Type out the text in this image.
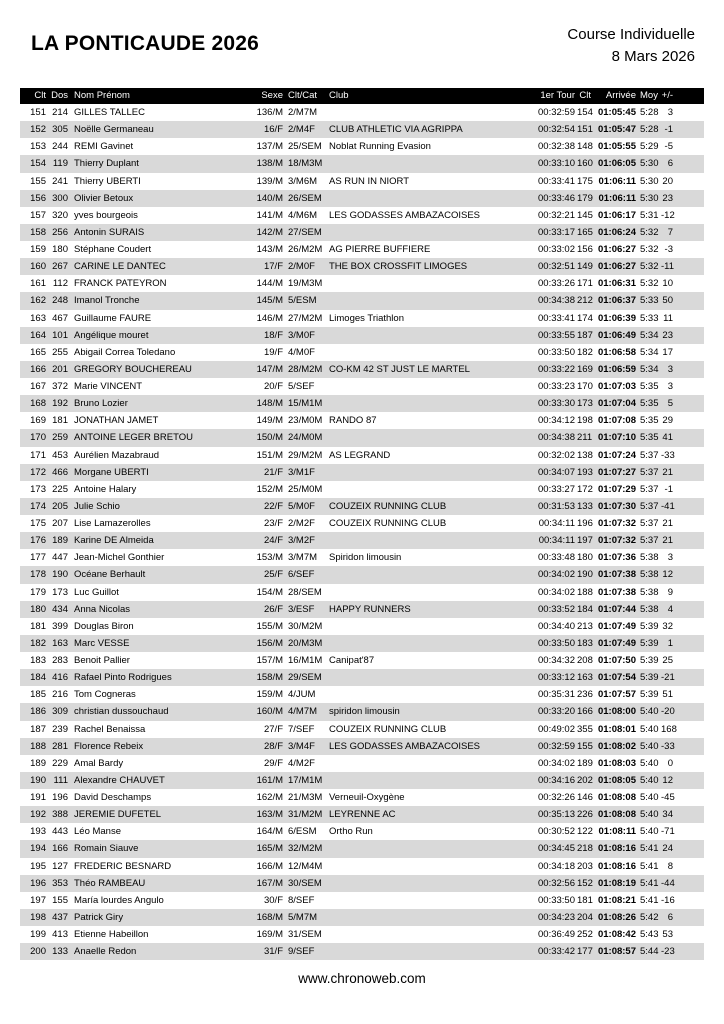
LA PONTICAUDE 2026	Course Individuelle
8 Mars 2026
Clt Dos Nom Prénom	Sexe Clt/Cat	Club	1er Tour Clt	Arrivée Moy +/-
151 214 GILLES TALLEC	136/M 2/M7M	00:32:59 154 01:05:45 5:28 3
152 305 Noëlle Germaneau	16/F 2/M4F	CLUB ATHLETIC VIA AGRIPPA	00:32:54 151 01:05:47 5:28 -1
153 244 REMI Gavinet	137/M 25/SEM Noblat Running Evasion	00:32:38 148 01:05:55 5:29 -5
154 119 Thierry Duplant	138/M 18/M3M	00:33:10 160 01:06:05 5:30 6
155 241 Thierry UBERTI	139/M 3/M6M	AS RUN IN NIORT	00:33:41 175 01:06:11 5:30 20
156 300 Olivier Betoux	140/M 26/SEM	00:33:46 179 01:06:11 5:30 23
157 320 yves bourgeois	141/M 4/M6M	LES GODASSES AMBAZACOISES	00:32:21 145 01:06:17 5:31 -12
158 256 Antonin SURAIS	142/M 27/SEM	00:33:17 165 01:06:24 5:32 7
159 180 Stéphane Coudert	143/M 26/M2M AG PIERRE BUFFIERE	00:33:02 156 01:06:27 5:32 -3
160 267 CARINE LE DANTEC	17/F 2/M0F	THE BOX CROSSFIT LIMOGES	00:32:51 149 01:06:27 5:32 -11
161 112 FRANCK PATEYRON	144/M 19/M3M	00:33:26 171 01:06:31 5:32 10
162 248 Imanol Tronche	145/M 5/ESM	00:34:38 212 01:06:37 5:33 50
163 467 Guillaume FAURE	146/M 27/M2M Limoges Triathlon	00:33:41 174 01:06:39 5:33 11
164 101 Angélique mouret	18/F 3/M0F	00:33:55 187 01:06:49 5:34 23
165 255 Abigail Correa Toledano	19/F 4/M0F	00:33:50 182 01:06:58 5:34 17
166 201 GREGORY BOUCHEREAU	147/M 28/M2M CO-KM 42 ST JUST LE MARTEL	00:33:22 169 01:06:59 5:34 3
167 372 Marie VINCENT	20/F 5/SEF	00:33:23 170 01:07:03 5:35 3
168 192 Bruno Lozier	148/M 15/M1M	00:33:30 173 01:07:04 5:35 5
169 181 JONATHAN JAMET	149/M 23/M0M RANDO 87	00:34:12 198 01:07:08 5:35 29
170 259 ANTOINE LEGER BRETOU	150/M 24/M0M	00:34:38 211 01:07:10 5:35 41
171 453 Aurélien Mazabraud	151/M 29/M2M AS LEGRAND	00:32:02 138 01:07:24 5:37 -33
172 466 Morgane UBERTI	21/F 3/M1F	00:34:07 193 01:07:27 5:37 21
173 225 Antoine Halary	152/M 25/M0M	00:33:27 172 01:07:29 5:37 -1
174 205 Julie Schio	22/F 5/M0F	COUZEIX RUNNING CLUB	00:31:53 133 01:07:30 5:37 -41
175 207 Lise Lamazerolles	23/F 2/M2F	COUZEIX RUNNING CLUB	00:34:11 196 01:07:32 5:37 21
176 189 Karine DE Almeida	24/F 3/M2F	00:34:11 197 01:07:32 5:37 21
177 447 Jean-Michel Gonthier	153/M 3/M7M	Spiridon limousin	00:33:48 180 01:07:36 5:38 3
178 190 Océane Berhault	25/F 6/SEF	00:34:02 190 01:07:38 5:38 12
179 173 Luc Guillot	154/M 28/SEM	00:34:02 188 01:07:38 5:38 9
180 434 Anna Nicolas	26/F 3/ESF	HAPPY RUNNERS	00:33:52 184 01:07:44 5:38 4
181 399 Douglas Biron	155/M 30/M2M	00:34:40 213 01:07:49 5:39 32
182 163 Marc VESSE	156/M 20/M3M	00:33:50 183 01:07:49 5:39 1
183 283 Benoit Pallier	157/M 16/M1M Canipat'87	00:34:32 208 01:07:50 5:39 25
184 416 Rafael Pinto Rodrigues	158/M 29/SEM	00:33:12 163 01:07:54 5:39 -21
185 216 Tom Cogneras	159/M 4/JUM	00:35:31 236 01:07:57 5:39 51
186 309 christian dussouchaud	160/M 4/M7M	spiridon limousin	00:33:20 166 01:08:00 5:40 -20
187 239 Rachel Benaissa	27/F 7/SEF	COUZEIX RUNNING CLUB	00:49:02 355 01:08:01 5:40 168
188 281 Florence Rebeix	28/F 3/M4F	LES GODASSES AMBAZACOISES	00:32:59 155 01:08:02 5:40 -33
189 229 Amal Bardy	29/F 4/M2F	00:34:02 189 01:08:03 5:40 0
190 111 Alexandre CHAUVET	161/M 17/M1M	00:34:16 202 01:08:05 5:40 12
191 196 David Deschamps	162/M 21/M3M Verneuil-Oxygène	00:32:26 146 01:08:08 5:40 -45
192 388 JEREMIE DUFETEL	163/M 31/M2M LEYRENNE AC	00:35:13 226 01:08:08 5:40 34
193 443 Léo Manse	164/M 6/ESM	Ortho Run	00:30:52 122 01:08:11 5:40 -71
194 166 Romain Siauve	165/M 32/M2M	00:34:45 218 01:08:16 5:41 24
195 127 FREDERIC BESNARD	166/M 12/M4M	00:34:18 203 01:08:16 5:41 8
196 353 Théo RAMBEAU	167/M 30/SEM	00:32:56 152 01:08:19 5:41 -44
197 155 María lourdes Angulo	30/F 8/SEF	00:33:50 181 01:08:21 5:41 -16
198 437 Patrick Giry	168/M 5/M7M	00:34:23 204 01:08:26 5:42 6
199 413 Etienne Habeillon	169/M 31/SEM	00:36:49 252 01:08:42 5:43 53
200 133 Anaelle Redon	31/F 9/SEF	00:33:42 177 01:08:57 5:44 -23
www.chronoweb.com
